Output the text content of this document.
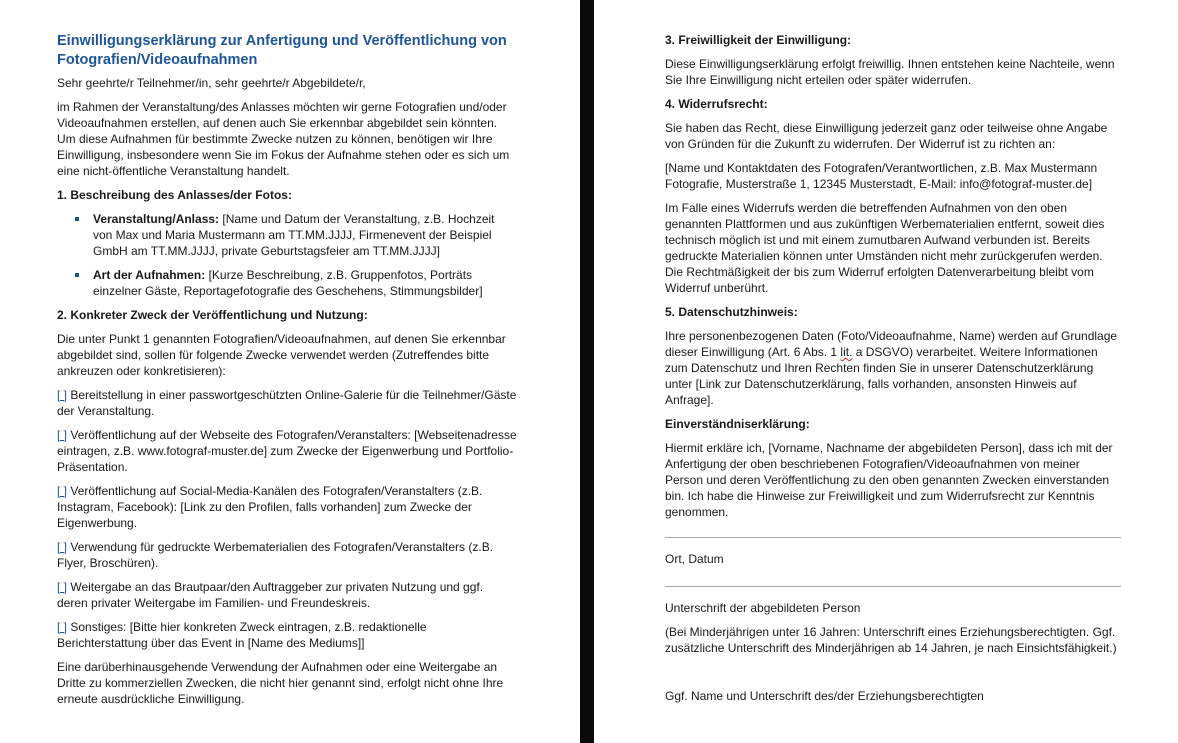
Einwilligungserklärung zur Anfertigung und Veröffentlichung von Fotografien/Videoaufnahmen

Sehr geehrte/r Teilnehmer/in, sehr geehrte/r Abgebildete/r,

im Rahmen der Veranstaltung/des Anlasses möchten wir gerne Fotografien und/oder Videoaufnahmen erstellen, auf denen auch Sie erkennbar abgebildet sein könnten. Um diese Aufnahmen für bestimmte Zwecke nutzen zu können, benötigen wir Ihre Einwilligung, insbesondere wenn Sie im Fokus der Aufnahme stehen oder es sich um eine nicht-öffentliche Veranstaltung handelt.

1. Beschreibung des Anlasses/der Fotos:
Veranstaltung/Anlass: [Name und Datum der Veranstaltung, z.B. Hochzeit von Max und Maria Mustermann am TT.MM.JJJJ, Firmenevent der Beispiel GmbH am TT.MM.JJJJ, private Geburtstagsfeier am TT.MM.JJJJ]
Art der Aufnahmen: [Kurze Beschreibung, z.B. Gruppenfotos, Porträts einzelner Gäste, Reportagefotografie des Geschehens, Stimmungsbilder]
2. Konkreter Zweck der Veröffentlichung und Nutzung:

Die unter Punkt 1 genannten Fotografien/Videoaufnahmen, auf denen Sie erkennbar abgebildet sind, sollen für folgende Zwecke verwendet werden (Zutreffendes bitte ankreuzen oder konkretisieren):

[ ] Bereitstellung in einer passwortgeschützten Online-Galerie für die Teilnehmer/Gäste der Veranstaltung.
[ ] Veröffentlichung auf der Webseite des Fotografen/Veranstalters: [Webseitenadresse eintragen, z.B. www.fotograf-muster.de] zum Zwecke der Eigenwerbung und Portfolio-Präsentation.
[ ] Veröffentlichung auf Social-Media-Kanälen des Fotografen/Veranstalters (z.B. Instagram, Facebook): [Link zu den Profilen, falls vorhanden] zum Zwecke der Eigenwerbung.
[ ] Verwendung für gedruckte Werbematerialien des Fotografen/Veranstalters (z.B. Flyer, Broschüren).
[ ] Weitergabe an das Brautpaar/den Auftraggeber zur privaten Nutzung und ggf. deren privater Weitergabe im Familien- und Freundeskreis.
[ ] Sonstiges: [Bitte hier konkreten Zweck eintragen, z.B. redaktionelle Berichterstattung über das Event in [Name des Mediums]]

Eine darüberhinausgehende Verwendung der Aufnahmen oder eine Weitergabe an Dritte zu kommerziellen Zwecken, die nicht hier genannt sind, erfolgt nicht ohne Ihre erneute ausdrückliche Einwilligung.

3. Freiwilligkeit der Einwilligung:

Diese Einwilligungserklärung erfolgt freiwillig. Ihnen entstehen keine Nachteile, wenn Sie Ihre Einwilligung nicht erteilen oder später widerrufen.

4. Widerrufsrecht:

Sie haben das Recht, diese Einwilligung jederzeit ganz oder teilweise ohne Angabe von Gründen für die Zukunft zu widerrufen. Der Widerruf ist zu richten an:

[Name und Kontaktdaten des Fotografen/Verantwortlichen, z.B. Max Mustermann Fotografie, Musterstraße 1, 12345 Musterstadt, E-Mail: info@fotograf-muster.de]

Im Falle eines Widerrufs werden die betreffenden Aufnahmen von den oben genannten Plattformen und aus zukünftigen Werbematerialien entfernt, soweit dies technisch möglich ist und mit einem zumutbaren Aufwand verbunden ist. Bereits gedruckte Materialien können unter Umständen nicht mehr zurückgerufen werden. Die Rechtmäßigkeit der bis zum Widerruf erfolgten Datenverarbeitung bleibt vom Widerruf unberührt.

5. Datenschutzhinweis:

Ihre personenbezogenen Daten (Foto/Videoaufnahme, Name) werden auf Grundlage dieser Einwilligung (Art. 6 Abs. 1 lit. a DSGVO) verarbeitet. Weitere Informationen zum Datenschutz und Ihren Rechten finden Sie in unserer Datenschutzerklärung unter [Link zur Datenschutzerklärung, falls vorhanden, ansonsten Hinweis auf Anfrage].

Einverständniserklärung:

Hiermit erkläre ich, [Vorname, Nachname der abgebildeten Person], dass ich mit der Anfertigung der oben beschriebenen Fotografien/Videoaufnahmen von meiner Person und deren Veröffentlichung zu den oben genannten Zwecken einverstanden bin. Ich habe die Hinweise zur Freiwilligkeit und zum Widerrufsrecht zur Kenntnis genommen.

Ort, Datum

Unterschrift der abgebildeten Person

(Bei Minderjährigen unter 16 Jahren: Unterschrift eines Erziehungsberechtigten. Ggf. zusätzliche Unterschrift des Minderjährigen ab 14 Jahren, je nach Einsichtsfähigkeit.)

Ggf. Name und Unterschrift des/der Erziehungsberechtigten
